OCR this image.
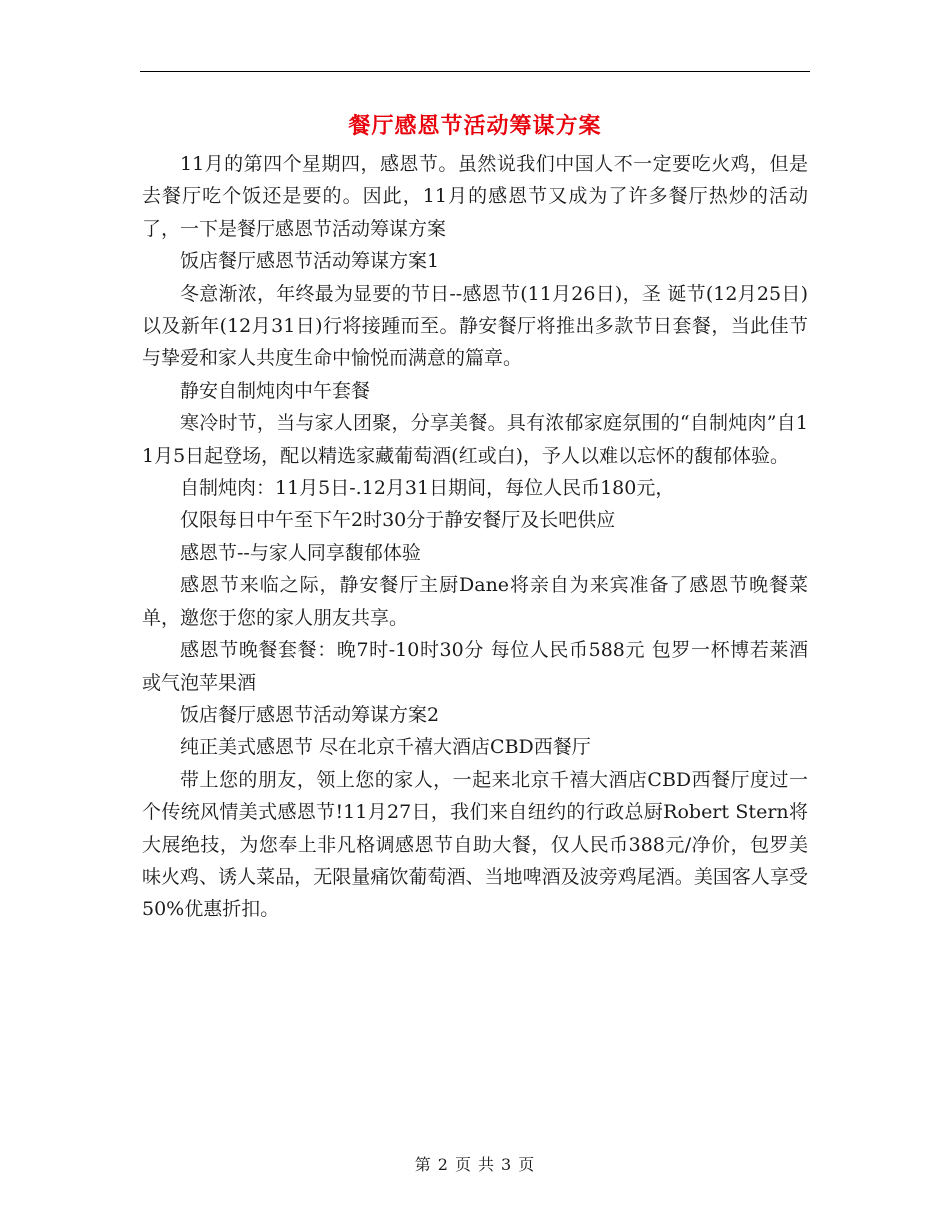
餐厅感恩节活动筹谋方案

11月的第四个星期四，感恩节。虽然说我们中国人不一定要吃火鸡，但是去餐厅吃个饭还是要的。因此，11月的感恩节又成为了许多餐厅热炒的活动 了，一下是餐厅感恩节活动筹谋方案

饭店餐厅感恩节活动筹谋方案1

冬意渐浓，年终最为显要的节日--感恩节(11月26日)，圣 诞节(12月25日)以及新年(12月31日)行将接踵而至。静安餐厅将推出多款节日套餐，当此佳节与挚爱和家人共度生命中愉悦而满意的篇章。

静安自制炖肉中午套餐

寒冷时节，当与家人团聚，分享美餐。具有浓郁家庭氛围的“自制炖肉”自11月5日起登场，配以精选家藏葡萄酒(红或白)，予人以难以忘怀的馥郁体验。

自制炖肉：11月5日-.12月31日期间，每位人民币180元，

仅限每日中午至下午2时30分于静安餐厅及长吧供应

感恩节--与家人同享馥郁体验

感恩节来临之际，静安餐厅主厨Dane将亲自为来宾准备了感恩节晚餐菜单，邀您于您的家人朋友共享。

感恩节晚餐套餐：晚7时-10时30分 每位人民币588元 包罗一杯博若莱酒或气泡苹果酒

饭店餐厅感恩节活动筹谋方案2

纯正美式感恩节 尽在北京千禧大酒店CBD西餐厅

带上您的朋友，领上您的家人，一起来北京千禧大酒店CBD西餐厅度过一个传统风情美式感恩节!11月27日，我们来自纽约的行政总厨Robert Stern将大展绝技，为您奉上非凡格调感恩节自助大餐，仅人民币388元/净价，包罗美味火鸡、诱人菜品，无限量痛饮葡萄酒、当地啤酒及波旁鸡尾酒。美国客人享受50%优惠折扣。

第 2 页 共 3 页
